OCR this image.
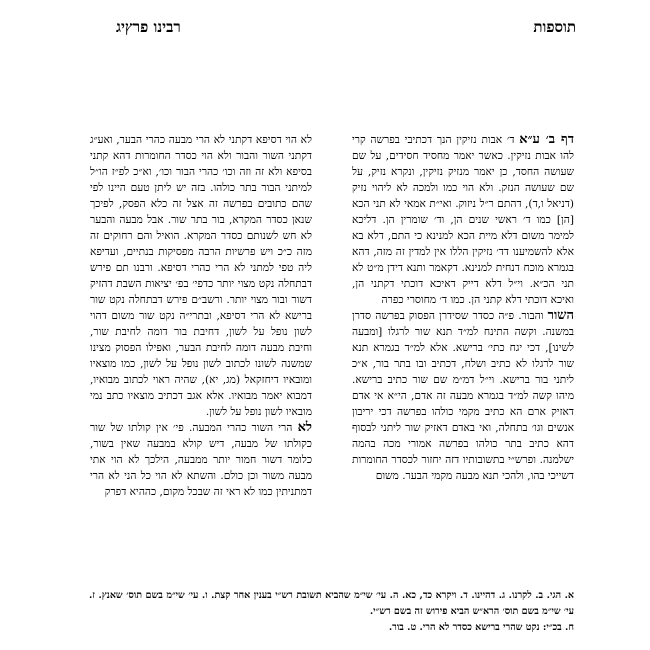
תוספות
רבינו פרץיג
דף ב׳ ע״א ד׳ אבות נזיקין הנך דכתיבי בפרשה קרי להו אבות נזיקין. כאשר יאמר מחסיד חסידים, על שם שעושה החסד, כן יאמר מנזיק נזיקין, ונקרא נזיק, על שם שעושה הנזק. ולא הוי כמו ולמכה לא ליהוי נזיק (דניאל ו,ד), דהתם ר״ל ניזוק. ואי״ת אמאי לא תני הכא [הן] כמו ד׳ ראשי שנים הן, וד׳ שומרין הן. דליכא למימר משום דלא מיית הכא למנינא כי התם, דלא בא אלא להשמיענו דד׳ נזיקין הללו אין למדין זה מזה, דהא בגמרא מוכח דנחית למנינא. דקאמר ותנא דידן מ״ט לא תני הכ״א. וי״ל דלא דייק דאיכא דוכתי דקתני הן, ואיכא דוכתי דלא קתני הן. כמו ד׳ מחוסרי כפרה
השור והבור. פ״ה כסדר שסידרן הפסוק בפרשה סדרן במשנה. וקשה התינח למ״ד תנא שור לרגלו [ומבעה לשינו], דכי יגח כתי׳ ברישא. אלא למ״ד בגמרא תנא שור לרגלו לא כתיב ושלח, דכתיב ובו בתר בור, א״כ ליתני בור ברישא. וי״ל דמ״מ שם שור כתיב ברישא. מיהו קשה למ״ד בגמרא מבעה זה אדם, הי״א אי אדם דאזיק ארם הא כתיב מקמי כולהו בפרשה דכי יריבון אנשים וגו׳ בתחלה, ואי באדם דאזיק שור ליתני לבסוף דהא כתיב בתר כולהו בפרשה אמורי מכה בהמה ישלמנה. ופרש״י בתשובותיו דזה יחזור לכסדר החומרות דשייכי בהו, ולהכי תנא מבעה מקמי הבער. משום

לא הוי דסיפא דקתני לא הרי מבעה כהרי הבער, ואע״ג דקתני השור והבור ולא הוי כסדר החומרות דהא קתני בסיפא ולא זה וזה וכו׳ כהרי הבור וכו׳, וא״כ לפ״ז הו״ל למיתני הבור בתר כולהו. בזה יש ליתן טעם היינו לפי שהם כתובים בפרשה זה אצל זה כלא הפסק, לפיכך שנאן כסדר המקרא, בור בתר שור. אבל מבעה והבער לא חש לשנותם כסדר המקרא. הואיל והם רחוקים זה מזה כ״כ ויש פרשיות הרבה מפסיקות בנתיים, ועדיפא ליה טפי למתני לא הרי כהרי דסיפא. ורבנו תם פירש דבתחלה נקט מצוי יותר כדפי׳ בפ׳ יציאות השבת דהזיק דשור ובור מצוי יותר. ורשב״ם פירש דבתחלה נקט שור ברישא לא הרי דסיפא, ובתרי״ה נקט שור משום דהוי לשון נופל על לשון, דחיבת בור דומה לחיבת שור, וחיבת מבעה דומה לחיבת הבער, ואפילו הפסוק מצינו שמשנה לשונו לכתוב לשון נופל על לשון, כמו מוצאיו ומובאיו דיחזקאל (מג, יא), שהיה ראוי לכתוב מבואיו, דמבוא יאמר מבואיו. אלא אגב דכתיב מוצאיו כתב נמי מובאיו לשון נופל על לשון.

לא הרי השור כהרי המבעה. פי׳ אין קולתו של שור כקולתו של מבעה, דיש קולא במבעה שאין בשור, כלומר דשור חמור יותר ממבעה, הילכך לא הוי אתי מבעה משור וכן כולם. והשתא לא הוי כל הני לא הרי דמתניתין כמו לא ראי זה שבכל מקום, כההיא דפרק

א. הגי. ב. לקרנו. ג. דהיינו. ד. ויקרא כד, כא. ה. עי׳ שי״מ שהביא תשובת רש״י בענין אחר קצת. ו. עי׳ שי״מ בשם תוס׳ שאנץ. ז. עי׳ שי״מ בשם תוס׳ הרא״ש הביא פירוש זה בשם רש״י.
ח. בכ״י: נקט שהרי ברישא כסדר לא הרי. ט. בור.
